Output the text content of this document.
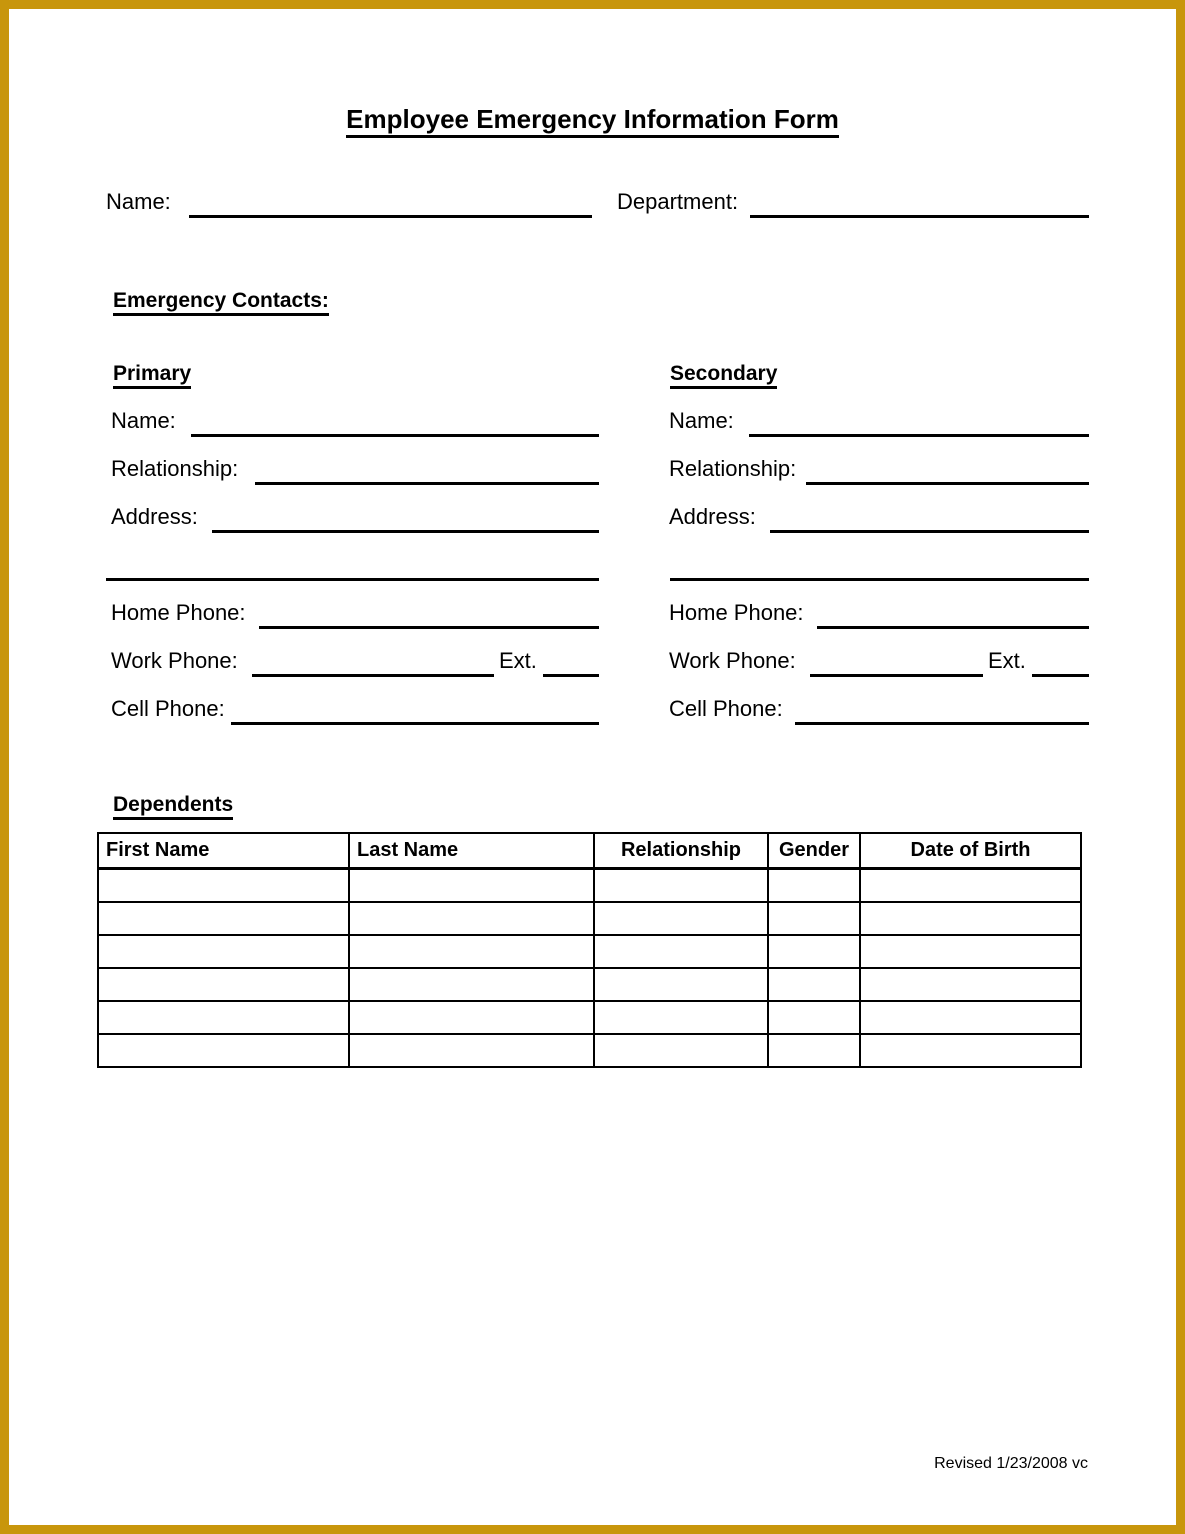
Employee Emergency Information Form
Name:	Department:
Emergency Contacts:
Primary
Name:
Relationship:
Address:
Home Phone:
Work Phone:	Ext.
Cell Phone:
Secondary
Name:
Relationship:
Address:
Home Phone:
Work Phone:	Ext.
Cell Phone:
Dependents
First Name	Last Name	Relationship	Gender	Date of Birth

Revised 1/23/2008 vc
